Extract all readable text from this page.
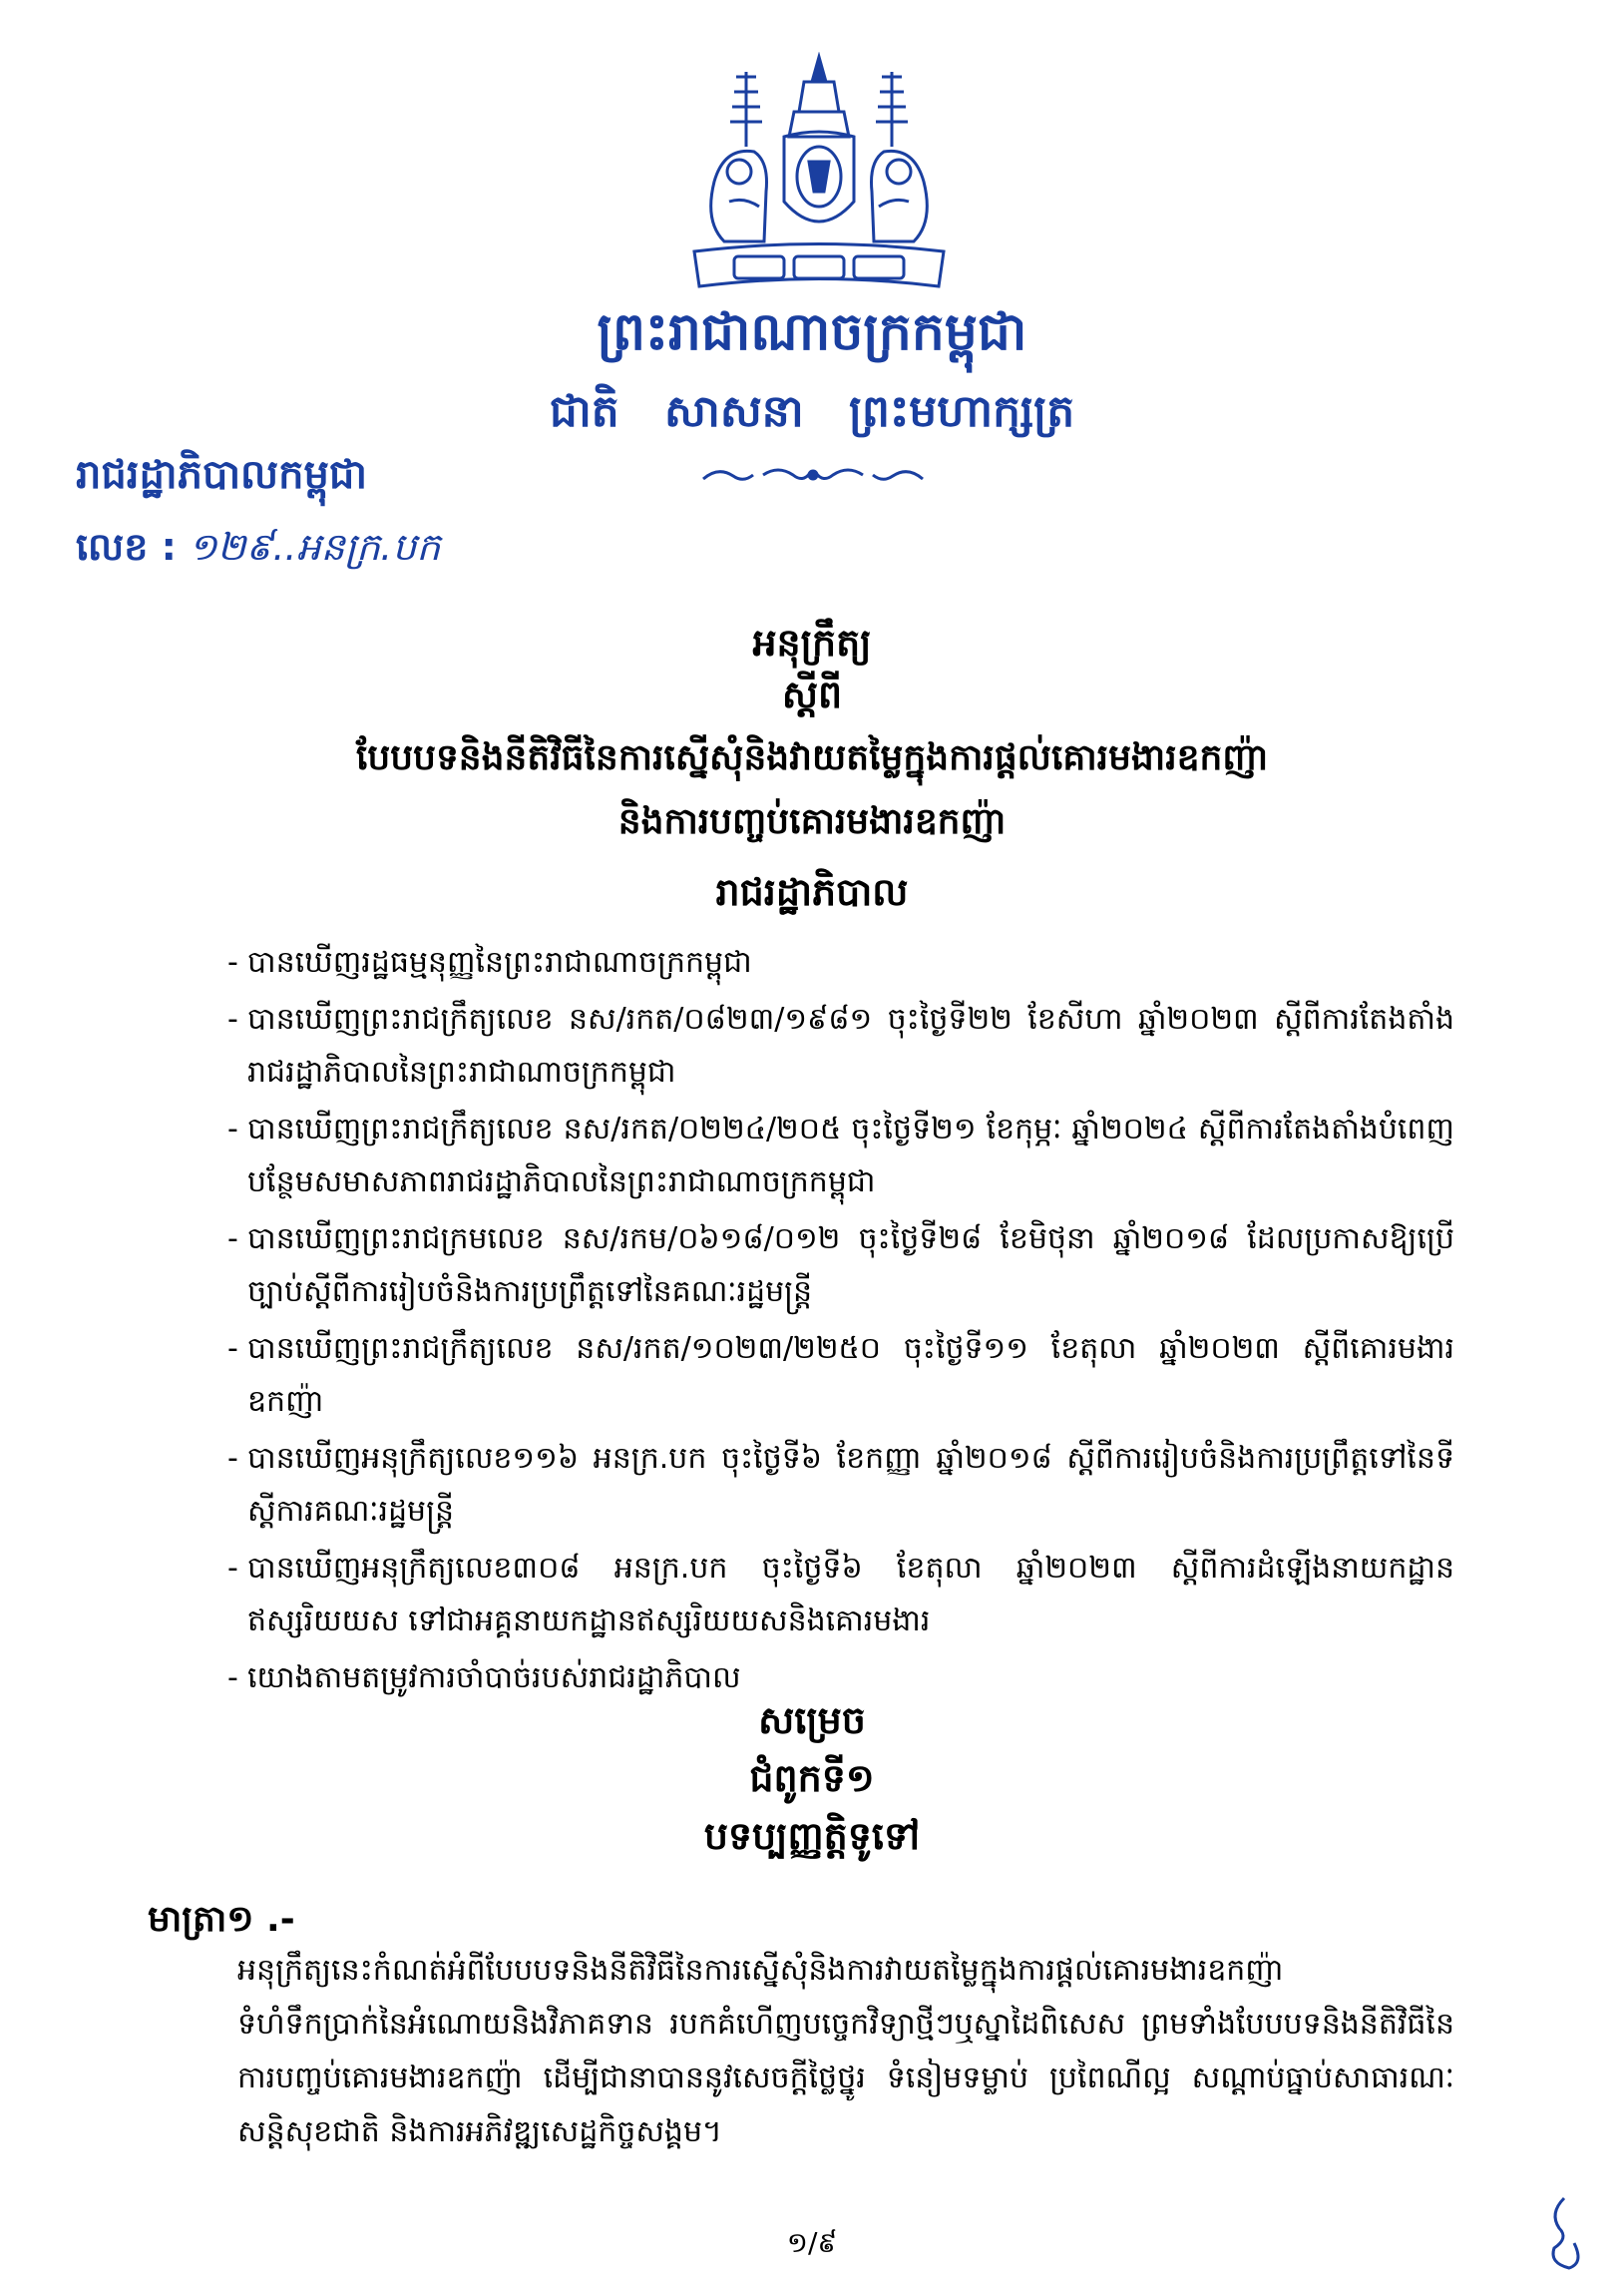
ព្រះរាជាណាចក្រកម្ពុជា
ជាតិ សាសនា ព្រះមហាក្សត្រ
រាជរដ្ឋាភិបាលកម្ពុជា
លេខ : ១២៩..អនក្រ.បក
អនុក្រឹត្យ
ស្ដីពី
បែបបទនិងនីតិវិធីនៃការស្នើសុំនិងវាយតម្លៃក្នុងការផ្ដល់គោរមងារឧកញ៉ា
និងការបញ្ចប់គោរមងារឧកញ៉ា
រាជរដ្ឋាភិបាល
- បានឃើញរដ្ឋធម្មនុញ្ញនៃព្រះរាជាណាចក្រកម្ពុជា
- បានឃើញព្រះរាជក្រឹត្យលេខ នស/រកត/០៨២៣/១៩៨១ ចុះថ្ងៃទី២២ ខែសីហា ឆ្នាំ២០២៣ ស្ដីពីការតែងតាំងរាជរដ្ឋាភិបាលនៃព្រះរាជាណាចក្រកម្ពុជា
- បានឃើញព្រះរាជក្រឹត្យលេខ នស/រកត/០២២៤/២០៥ ចុះថ្ងៃទី២១ ខែកុម្ភៈ ឆ្នាំ២០២៤ ស្ដីពីការតែងតាំងបំពេញបន្ថែមសមាសភាពរាជរដ្ឋាភិបាលនៃព្រះរាជាណាចក្រកម្ពុជា
- បានឃើញព្រះរាជក្រមលេខ នស/រកម/០៦១៨/០១២ ចុះថ្ងៃទី២៨ ខែមិថុនា ឆ្នាំ២០១៨ ដែលប្រកាសឱ្យប្រើច្បាប់ស្ដីពីការរៀបចំនិងការប្រព្រឹត្តទៅនៃគណៈរដ្ឋមន្ត្រី
- បានឃើញព្រះរាជក្រឹត្យលេខ នស/រកត/១០២៣/២២៥០ ចុះថ្ងៃទី១១ ខែតុលា ឆ្នាំ២០២៣ ស្ដីពីគោរមងារឧកញ៉ា
- បានឃើញអនុក្រឹត្យលេខ១១៦ អនក្រ.បក ចុះថ្ងៃទី៦ ខែកញ្ញា ឆ្នាំ២០១៨ ស្ដីពីការរៀបចំនិងការប្រព្រឹត្តទៅនៃទីស្ដីការគណៈរដ្ឋមន្ត្រី
- បានឃើញអនុក្រឹត្យលេខ៣០៨ អនក្រ.បក ចុះថ្ងៃទី៦ ខែតុលា ឆ្នាំ២០២៣ ស្ដីពីការដំឡើងនាយកដ្ឋានឥស្សរិយយស ទៅជាអគ្គនាយកដ្ឋានឥស្សរិយយសនិងគោរមងារ
- យោងតាមតម្រូវការចាំបាច់របស់រាជរដ្ឋាភិបាល
សម្រេច
ជំពូកទី១
បទប្បញ្ញត្តិទូទៅ
មាត្រា១ .-
អនុក្រឹត្យនេះកំណត់អំពីបែបបទនិងនីតិវិធីនៃការស្នើសុំនិងការវាយតម្លៃក្នុងការផ្ដល់គោរមងារឧកញ៉ា
ទំហំទឹកប្រាក់នៃអំណោយនិងវិភាគទាន របកគំហើញបច្ចេកវិទ្យាថ្មីៗឬស្នាដៃពិសេស ព្រមទាំងបែបបទនិងនីតិវិធីនៃការបញ្ចប់គោរមងារឧកញ៉ា ដើម្បីជានាបាននូវសេចក្ដីថ្លៃថ្នូរ ទំនៀមទម្លាប់ ប្រពៃណីល្អ សណ្ដាប់ធ្នាប់សាធារណៈ សន្តិសុខជាតិ និងការអភិវឌ្ឍសេដ្ឋកិច្ចសង្គម។
១/៩
